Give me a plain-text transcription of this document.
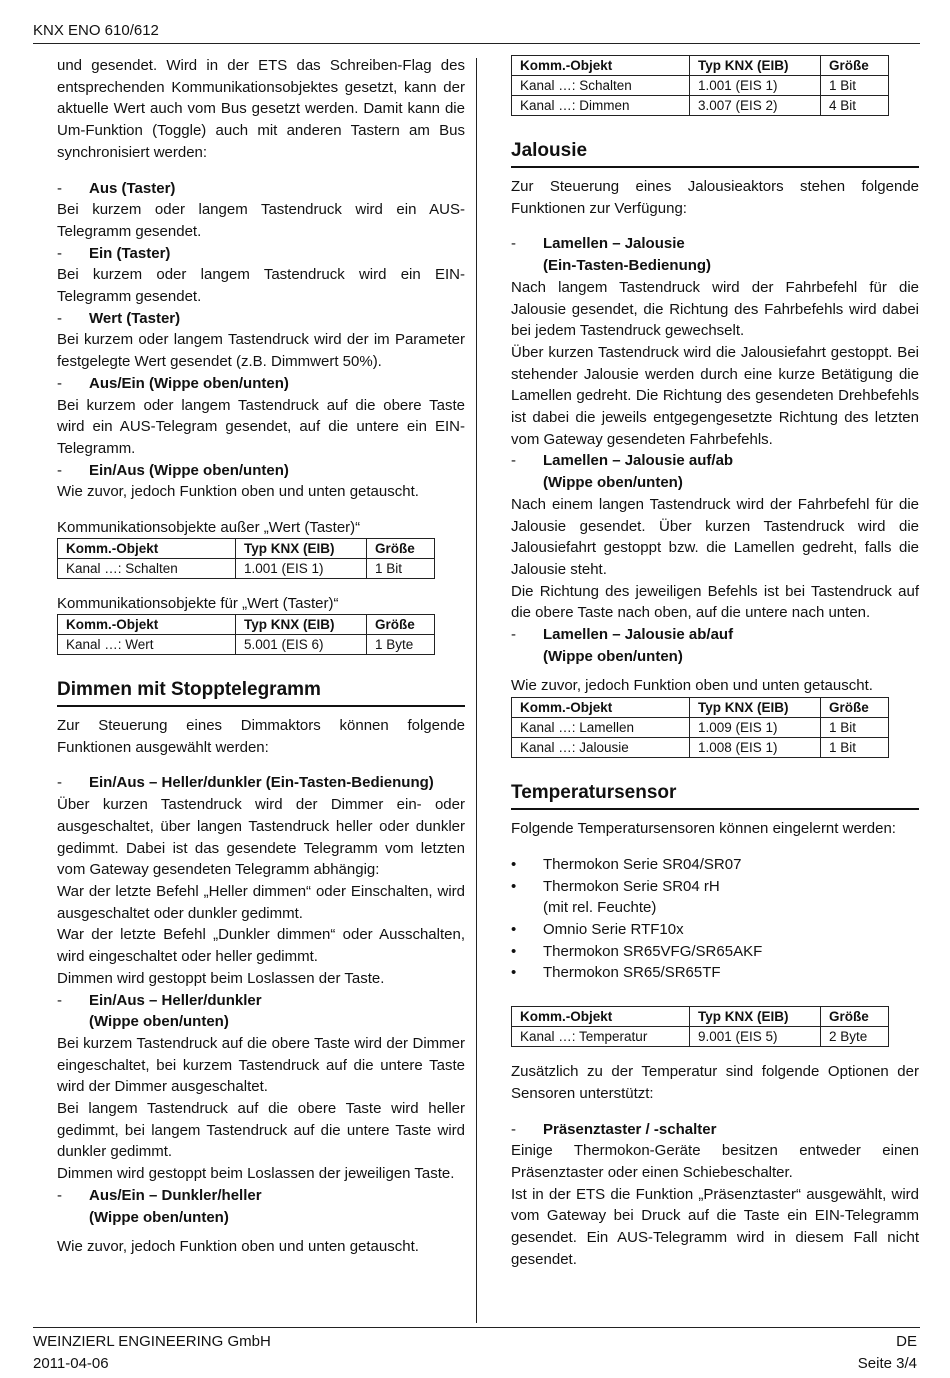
KNX ENO 610/612

und gesendet. Wird in der ETS das Schreiben-Flag des entsprechenden Kommunikationsobjektes gesetzt, kann der aktuelle Wert auch vom Bus gesetzt werden. Damit kann die Um-Funktion (Toggle) auch mit anderen Tastern am Bus synchronisiert werden:

-	Aus (Taster)

Bei kurzem oder langem Tastendruck wird ein AUS-Telegramm gesendet.

-	Ein (Taster)

Bei kurzem oder langem Tastendruck wird ein EIN-Telegramm gesendet.

-	Wert (Taster)

Bei kurzem oder langem Tastendruck wird der im Parameter festgelegte Wert gesendet (z.B. Dimmwert 50%).

-	Aus/Ein (Wippe oben/unten)

Bei kurzem oder langem Tastendruck auf die obere Taste wird ein AUS-Telegram gesendet, auf die untere ein EIN-Telegramm.

-	Ein/Aus (Wippe oben/unten)

Wie zuvor, jedoch Funktion oben und unten getauscht.

Kommunikationsobjekte außer „Wert (Taster)“

Komm.-Objekt	Typ KNX (EIB)	Größe
Kanal …: Schalten	1.001 (EIS 1)	1 Bit

Kommunikationsobjekte für „Wert (Taster)“

Komm.-Objekt	Typ KNX (EIB)	Größe
Kanal …: Wert	5.001 (EIS 6)	1 Byte
Dimmen mit Stopptelegramm

Zur Steuerung eines Dimmaktors können folgende Funktionen ausgewählt werden:

-	Ein/Aus – Heller/dunkler (Ein-Tasten-Bedienung)

Über kurzen Tastendruck wird der Dimmer ein- oder ausgeschaltet, über langen Tastendruck heller oder dunkler gedimmt. Dabei ist das gesendete Telegramm vom letzten vom Gateway gesendeten Telegramm abhängig:

War der letzte Befehl „Heller dimmen“ oder Einschalten, wird ausgeschaltet oder dunkler gedimmt.

War der letzte Befehl „Dunkler dimmen“ oder Ausschalten, wird eingeschaltet oder heller gedimmt.

Dimmen wird gestoppt beim Loslassen der Taste.

-	Ein/Aus – Heller/dunkler

(Wippe oben/unten)

Bei kurzem Tastendruck auf die obere Taste wird der Dimmer eingeschaltet, bei kurzem Tastendruck auf die untere Taste wird der Dimmer ausgeschaltet.

Bei langem Tastendruck auf die obere Taste wird heller gedimmt, bei langem Tastendruck auf die untere Taste wird dunkler gedimmt.

Dimmen wird gestoppt beim Loslassen der jeweiligen Taste.

-	Aus/Ein – Dunkler/heller

(Wippe oben/unten)

Wie zuvor, jedoch Funktion oben und unten getauscht.

Komm.-Objekt	Typ KNX (EIB)	Größe
Kanal …: Schalten	1.001 (EIS 1)	1 Bit
Kanal …: Dimmen	3.007 (EIS 2)	4 Bit
Jalousie

Zur Steuerung eines Jalousieaktors stehen folgende Funktionen zur Verfügung:

-	Lamellen – Jalousie

(Ein-Tasten-Bedienung)

Nach langem Tastendruck wird der Fahrbefehl für die Jalousie gesendet, die Richtung des Fahrbefehls wird dabei bei jedem Tastendruck gewechselt.

Über kurzen Tastendruck wird die Jalousiefahrt gestoppt. Bei stehender Jalousie werden durch eine kurze Betätigung die Lamellen gedreht. Die Richtung des gesendeten Drehbefehls ist dabei die jeweils entgegengesetzte Richtung des letzten vom Gateway gesendeten Fahrbefehls.

-	Lamellen – Jalousie auf/ab

(Wippe oben/unten)

Nach einem langen Tastendruck wird der Fahrbefehl für die Jalousie gesendet. Über kurzen Tastendruck wird die Jalousiefahrt gestoppt bzw. die Lamellen gedreht, falls die Jalousie steht.

Die Richtung des jeweiligen Befehls ist bei Tastendruck auf die obere Taste nach oben, auf die untere nach unten.

-	Lamellen – Jalousie ab/auf

(Wippe oben/unten)

Wie zuvor, jedoch Funktion oben und unten getauscht.

Komm.-Objekt	Typ KNX (EIB)	Größe
Kanal …: Lamellen	1.009 (EIS 1)	1 Bit
Kanal …: Jalousie	1.008 (EIS 1)	1 Bit
Temperatursensor

Folgende Temperatursensoren können eingelernt werden:

•	Thermokon Serie SR04/SR07
•	Thermokon Serie SR04 rH

(mit rel. Feuchte)

•	Omnio Serie RTF10x
•	Thermokon SR65VFG/SR65AKF
•	Thermokon SR65/SR65TF
Komm.-Objekt	Typ KNX (EIB)	Größe
Kanal …: Temperatur	9.001 (EIS 5)	2 Byte

Zusätzlich zu der Temperatur sind folgende Optionen der Sensoren unterstützt:

-	Präsenztaster / -schalter

Einige Thermokon-Geräte besitzen entweder einen Präsenztaster oder einen Schiebeschalter.

Ist in der ETS die Funktion „Präsenztaster“ ausgewählt, wird vom Gateway bei Druck auf die Taste ein EIN-Telegramm gesendet. Ein AUS-Telegramm wird in diesem Fall nicht gesendet.

WEINZIERL ENGINEERING GmbH
2011-04-06
DE
Seite 3/4
